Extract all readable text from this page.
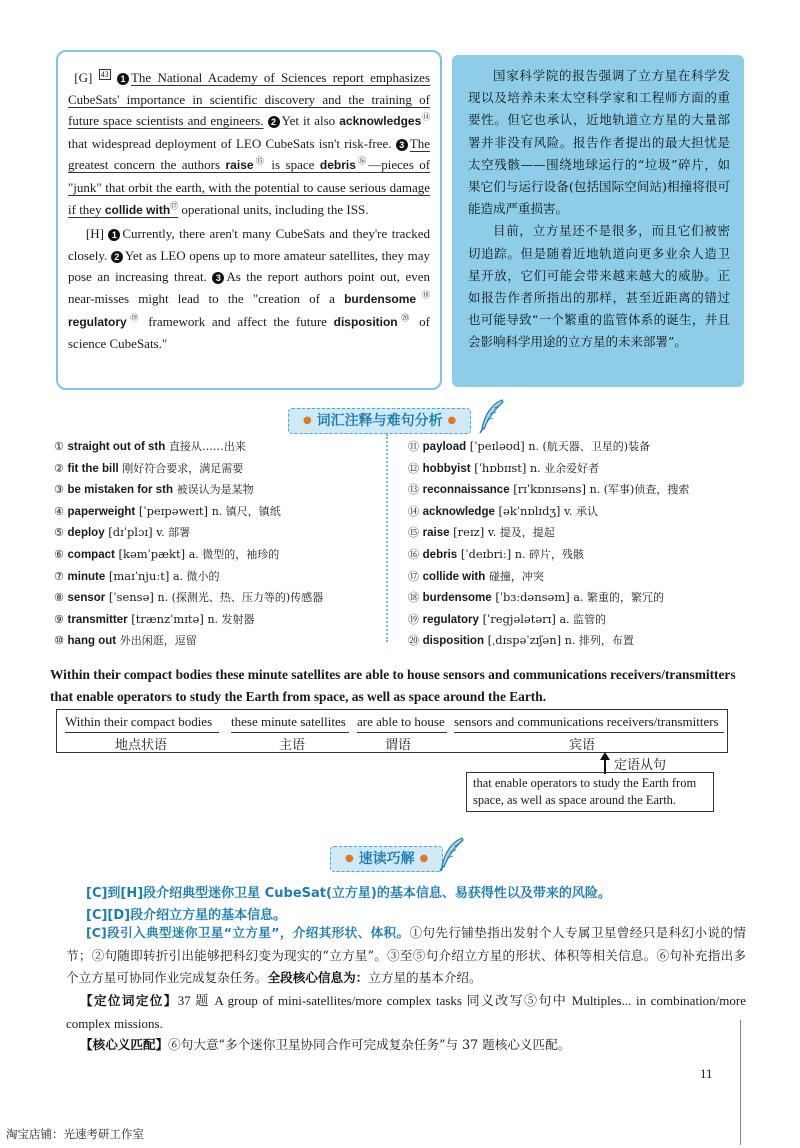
[G] $^{43}$ 1 The National Academy of Sciences report emphasizes CubeSats' importance in scientific discovery and the training of future space scientists and engineers. 2 Yet it also acknowledges⑭ that widespread deployment of LEO CubeSats isn't risk-free. 3 The greatest concern the authors raise⑮ is space debris⑯—pieces of "junk" that orbit the earth, with the potential to cause serious damage if they collide with⑰ operational units, including the ISS.

[H] 1 Currently, there aren't many CubeSats and they're tracked closely. 2 Yet as LEO opens up to more amateur satellites, they may pose an increasing threat. 3 As the report authors point out, even near-misses might lead to the "creation of a burdensome⑱ regulatory⑲ framework and affect the future disposition⑳ of science CubeSats."

国家科学院的报告强调了立方星在科学发现以及培养未来太空科学家和工程师方面的重要性。但它也承认，近地轨道立方星的大量部署并非没有风险。报告作者提出的最大担忧是太空残骸——围绕地球运行的“垃圾”碎片，如果它们与运行设备(包括国际空间站)相撞将很可能造成严重损害。

目前，立方星还不是很多，而且它们被密切追踪。但是随着近地轨道向更多业余人造卫星开放，它们可能会带来越来越大的威胁。正如报告作者所指出的那样，甚至近距离的错过也可能导致“一个繁重的监管体系的诞生，并且会影响科学用途的立方星的未来部署”。

● 词汇注释与难句分析 ●
① straight out of sth 直接从……出来
② fit the bill 刚好符合要求，满足需要
③ be mistaken for sth 被误认为是某物
④ paperweight [ˈpeɪpəweɪt] n. 镇尺，镇纸
⑤ deploy [dɪˈplɔɪ] v. 部署
⑥ compact [kəmˈpækt] a. 微型的，袖珍的
⑦ minute [maɪˈnjuːt] a. 微小的
⑧ sensor [ˈsensə] n. (探测光、热、压力等的)传感器
⑨ transmitter [trænzˈmɪtə] n. 发射器
⑩ hang out 外出闲逛，逗留
⑪ payload [ˈpeɪləʊd] n. (航天器、卫星的)装备
⑫ hobbyist [ˈhɒbɪɪst] n. 业余爱好者
⑬ reconnaissance [rɪˈkɒnɪsəns] n. (军事)侦查，搜索
⑭ acknowledge [əkˈnɒlɪdʒ] v. 承认
⑮ raise [reɪz] v. 提及，提起
⑯ debris [ˈdeɪbriː] n. 碎片，残骸
⑰ collide with 碰撞，冲突
⑱ burdensome [ˈbɜːdənsəm] a. 繁重的，繁冗的
⑲ regulatory [ˈregjələtərɪ] a. 监管的
⑳ disposition [ˌdɪspəˈzɪʃən] n. 排列，布置
Within their compact bodies these minute satellites are able to house sensors and communications receivers/transmitters that enable operators to study the Earth from space, as well as space around the Earth.
Within their compact bodies these minute satellites are able to house sensors and communications receivers/transmitters
地点状语	主语	谓语	宾语
定语从句
that enable operators to study the Earth from space, as well as space around the Earth.
● 速读巧解 ●
[C]到[H]段介绍典型迷你卫星 CubeSat(立方星)的基本信息、易获得性以及带来的风险。
[C][D]段介绍立方星的基本信息。
[C]段引入典型迷你卫星“立方星”，介绍其形状、体积。①句先行铺垫指出发射个人专属卫星曾经只是科幻小说的情节；②句随即转折引出能够把科幻变为现实的“立方星”。③至⑤句介绍立方星的形状、体积等相关信息。⑥句补充指出多个立方星可协同作业完成复杂任务。全段核心信息为：立方星的基本介绍。
【定位词定位】37 题 A group of mini-satellites/more complex tasks 同义改写⑤句中 Multiples... in combination/more complex missions.
【核心义匹配】⑥句大意“多个迷你卫星协同合作可完成复杂任务”与 37 题核心义匹配。
11
淘宝店铺：光速考研工作室
